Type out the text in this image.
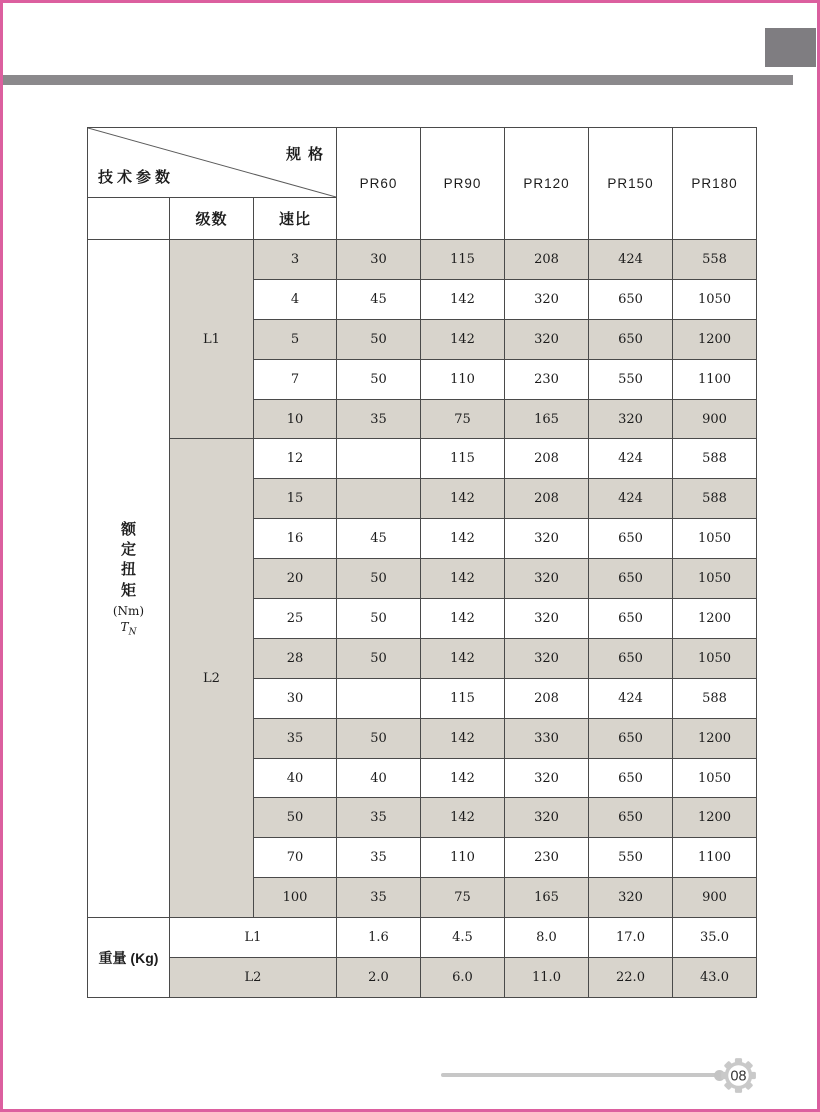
规格
技术参数			PR60	PR90	PR120	PR150	PR180
	级数	速比					

额定扭矩
(Nm)
$T_N$	L1	3	30	115	208	424	558
		4	45	142	320	650	1050
		5	50	142	320	650	1200
		7	50	110	230	550	1100
		10	35	75	165	320	900
	L2	12		115	208	424	588
		15		142	208	424	588
		16	45	142	320	650	1050
		20	50	142	320	650	1050
		25	50	142	320	650	1200
		28	50	142	320	650	1050
		30		115	208	424	588
		35	50	142	330	650	1200
		40	40	142	320	650	1050
		50	35	142	320	650	1200
		70	35	110	230	550	1100
		100	35	75	165	320	900
重量 (Kg)	L1		1.6	4.5	8.0	17.0	35.0
	L2		2.0	6.0	11.0	22.0	43.0
08
